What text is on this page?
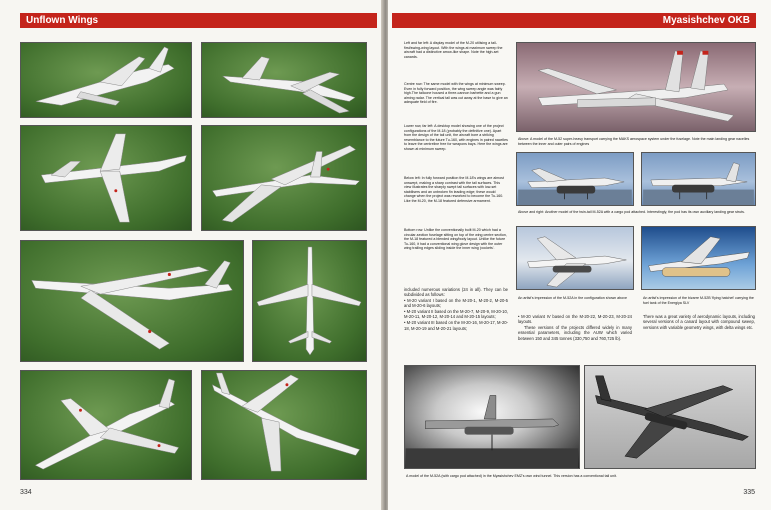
Unflown Wings
334
Myasishchev OKB
Left and far left: A display model of the M-20 utilising a tail-first/swing-wing layout. With the wings at maximum sweep the aircraft had a distinctive arrow-like shape. Note the high-set canards.
Centre row: The same model with the wings at minimum sweep. Even in fully forward position, the wing sweep angle was fairly high.The tailcone housed a three-cannon barbette and a gun aiming radar. The vertical tail was cut away at the base to give an adequate field of fire.
Lower row, far left: A desktop model showing one of the project configurations of the M-18 (probably the definitive one). Apart from the design of the tail unit, the aircraft bore a striking resemblance to the future Tu-160, with engines in paired nacelles to leave the centreline free for weapons bays. Here the wings are shown at minimum sweep.
Below left: In fully forward position the M-18's wings are almost unswept, making a sharp contrast with the tail surfaces. This view illustrates the sharply swept tail surfaces with low-set stabilisers and an unbroken fin leading edge; these would change when the project was reworked to become the Tu-160. Like the M-20, the M-18 featured defensive armament.
Bottom row: Unlike the conventionally built M-20 which had a circular-section fuselage sitting on top of the wing centre section, the M-18 featured a blended wing/body layout. Unlike the future Tu-160, it had a conventional wing glove design with the outer wing trailing edges sliding inside the inner wing 'pockets'.

included numerous variations (24 in all). They can be subdivided as follows:

• M-20 variant I based on the M-20-1, M-20-2, M-20-5 and M-20-6 layouts;

• M-20 variant II based on the M-20-7, M-20-9, M-20-10, M-20-11, M-20-12, M-20-14 and M-20-15 layouts;

• M-20 variant III based on the M-20-16, M-20-17, M-20-18, M-20-19 and M-20-21 layouts;

Above: A model of the M-52 super-heavy transport carrying the MAKS aerospace system under the fuselage. Note the main landing gear nacelles between the inner and outer pairs of engines
Above and right: Another model of the twin-tail M-52A with a cargo pod attached. Interestingly, the pod has its own auxiliary landing gear struts.
An artist's impression of the M-52A in the configuration shown above	An artist's impression of the bizarre M-52B 'flying hatchet' carrying the fuel tank of the Energiya SLV

• M-20 variant IV based on the M-20-22, M-20-23, M-20-24 layouts.

These versions of the projects differed widely in many essential parameters, including the AUW which varied between 150 and 345 tonnes (330,750 and 760,725 lb).

There was a great variety of aerodynamic layouts, including several versions of a canard layout with compound sweep, versions with variable geometry wings, with delta wings etc.

A model of the M-52A (with cargo pod attached) in the Myasishchev EMZ's own wind tunnel. This version has a conventional tail unit.
335
